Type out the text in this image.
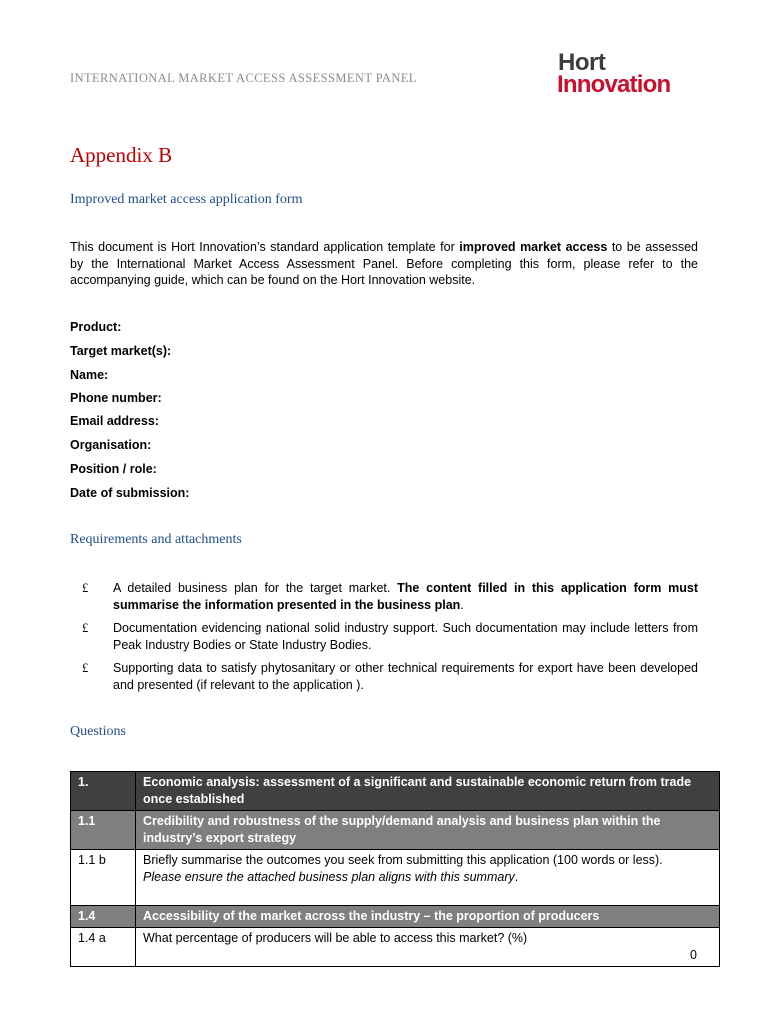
INTERNATIONAL MARKET ACCESS ASSESSMENT PANEL
Hort
Innovation
Appendix B
Improved market access application form
This document is Hort Innovation’s standard application template for improved market access to be assessed by the International Market Access Assessment Panel. Before completing this form, please refer to the accompanying guide, which can be found on the Hort Innovation website.
Product:
Target market(s):
Name:
Phone number:
Email address:
Organisation:
Position / role:
Date of submission:
Requirements and attachments
£ A detailed business plan for the target market. The content filled in this application form must summarise the information presented in the business plan.
£ Documentation evidencing national solid industry support. Such documentation may include letters from Peak Industry Bodies or State Industry Bodies.
£ Supporting data to satisfy phytosanitary or other technical requirements for export have been developed and presented (if relevant to the application ).
Questions
1.	Economic analysis: assessment of a significant and sustainable economic return from trade once established
1.1	Credibility and robustness of the supply/demand analysis and business plan within the industry’s export strategy
1.1 b	Briefly summarise the outcomes you seek from submitting this application (100 words or less).
Please ensure the attached business plan aligns with this summary.

1.4	Accessibility of the market across the industry – the proportion of producers
1.4 a	What percentage of producers will be able to access this market? (%)

0
